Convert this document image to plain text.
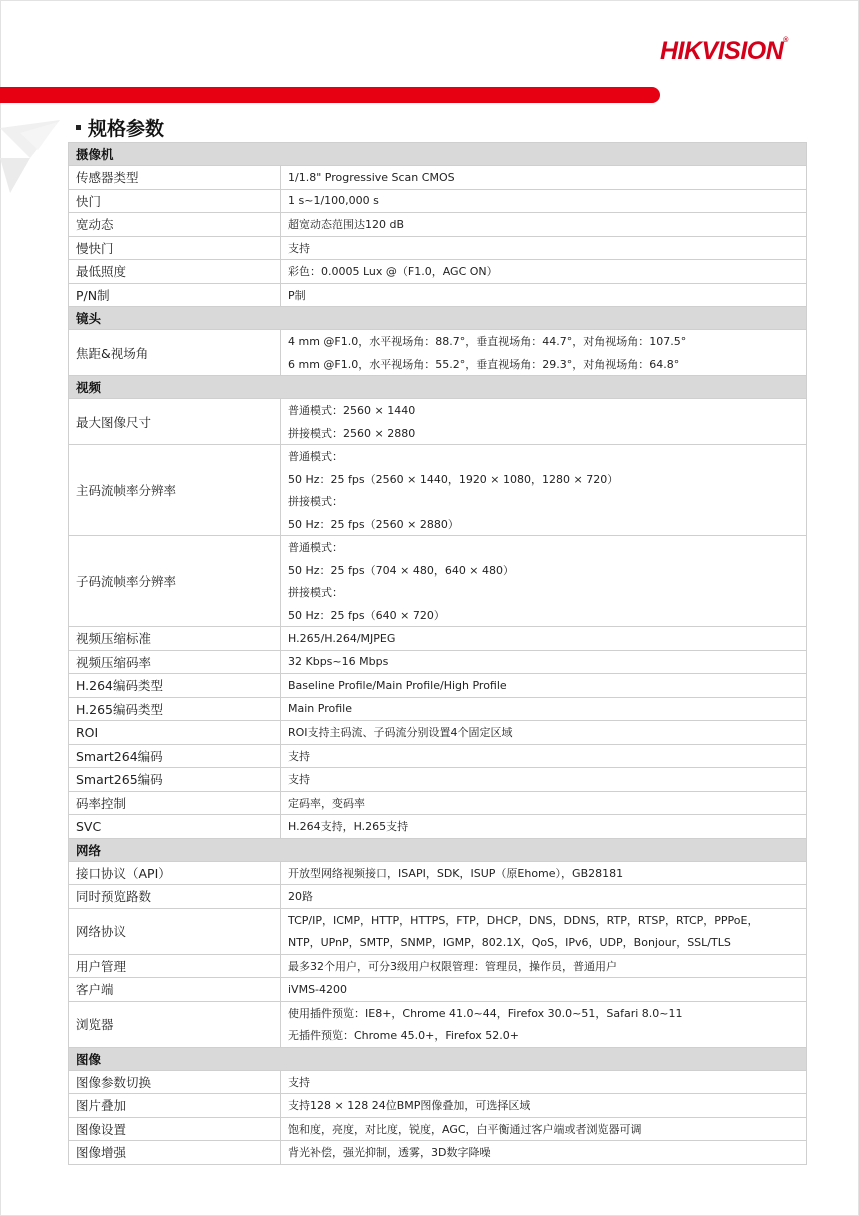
HIKVISION®
规格参数
摄像机	
传感器类型	1/1.8" Progressive Scan CMOS

快门	1 s~1/100,000 s

宽动态	超宽动态范围达120 dB

慢快门	支持

最低照度	彩色：0.0005 Lux @（F1.0，AGC ON）

P/N制	P制

镜头	
焦距&视场角	4 mm @F1.0，水平视场角：88.7°，垂直视场角：44.7°，对角视场角：107.5°
6 mm @F1.0，水平视场角：55.2°，垂直视场角：29.3°，对角视场角：64.8°

视频	
最大图像尺寸	普通模式：2560 × 1440
拼接模式：2560 × 2880

主码流帧率分辨率	普通模式：
50 Hz：25 fps（2560 × 1440，1920 × 1080，1280 × 720）
拼接模式：
50 Hz：25 fps（2560 × 2880）

子码流帧率分辨率	普通模式：
50 Hz：25 fps（704 × 480，640 × 480）
拼接模式：
50 Hz：25 fps（640 × 720）

视频压缩标准	H.265/H.264/MJPEG

视频压缩码率	32 Kbps~16 Mbps

H.264编码类型	Baseline Profile/Main Profile/High Profile

H.265编码类型	Main Profile

ROI	ROI支持主码流、子码流分别设置4个固定区域

Smart264编码	支持

Smart265编码	支持

码率控制	定码率，变码率

SVC	H.264支持，H.265支持

网络	
接口协议（API）	开放型网络视频接口，ISAPI，SDK，ISUP（原Ehome），GB28181

同时预览路数	20路

网络协议	TCP/IP，ICMP，HTTP，HTTPS，FTP，DHCP，DNS，DDNS，RTP，RTSP，RTCP，PPPoE，
NTP，UPnP，SMTP，SNMP，IGMP，802.1X，QoS，IPv6，UDP，Bonjour，SSL/TLS

用户管理	最多32个用户，可分3级用户权限管理：管理员，操作员，普通用户

客户端	iVMS-4200

浏览器	使用插件预览：IE8+，Chrome 41.0~44，Firefox 30.0~51，Safari 8.0~11
无插件预览：Chrome 45.0+，Firefox 52.0+

图像	
图像参数切换	支持

图片叠加	支持128 × 128 24位BMP图像叠加，可选择区域

图像设置	饱和度，亮度，对比度，锐度，AGC，白平衡通过客户端或者浏览器可调

图像增强	背光补偿，强光抑制，透雾，3D数字降噪
